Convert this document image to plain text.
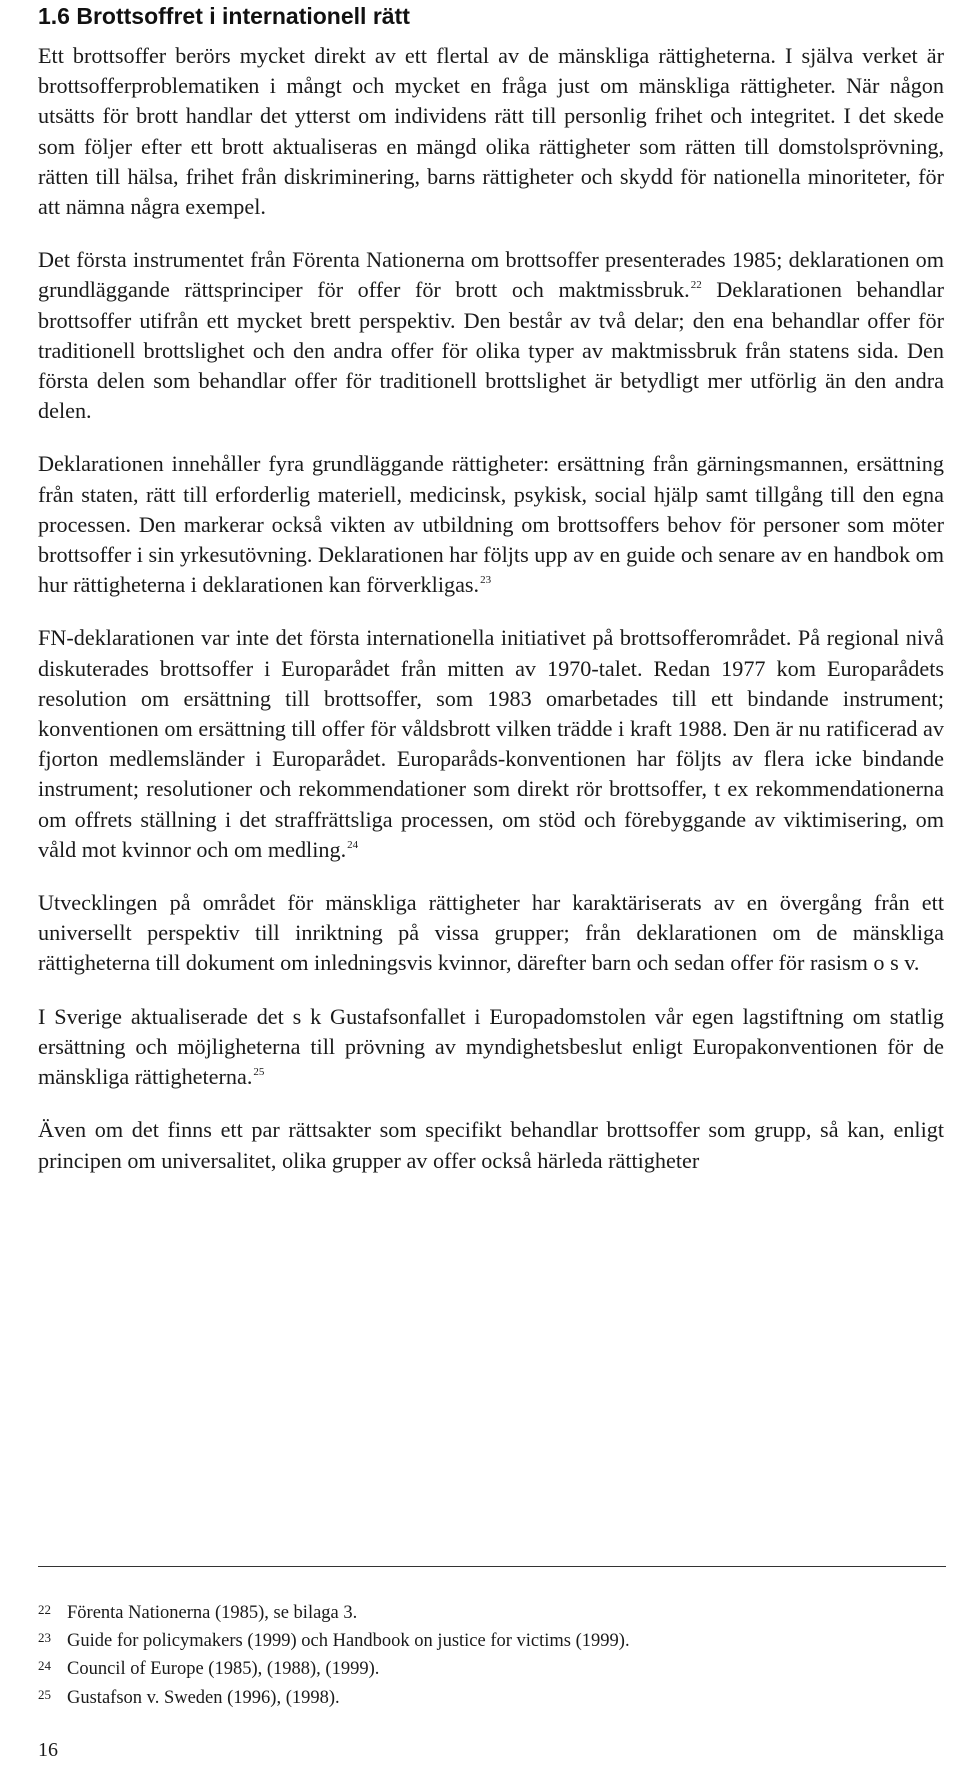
1.6 Brottsoffret i internationell rätt

Ett brottsoffer berörs mycket direkt av ett flertal av de mänskliga rättigheterna. I själva verket är brottsofferproblematiken i mångt och mycket en fråga just om mänskliga rättigheter. När någon utsätts för brott handlar det ytterst om individens rätt till personlig frihet och integritet. I det skede som följer efter ett brott aktualiseras en mängd olika rättigheter som rätten till domstolsprövning, rätten till hälsa, frihet från diskriminering, barns rättigheter och skydd för nationella minoriteter, för att nämna några exempel.

Det första instrumentet från Förenta Nationerna om brottsoffer presenterades 1985; deklarationen om grundläggande rättsprinciper för offer för brott och maktmissbruk.$^{22}$ Deklarationen behandlar brottsoffer utifrån ett mycket brett perspektiv. Den består av två delar; den ena behandlar offer för traditionell brottslighet och den andra offer för olika typer av maktmissbruk från statens sida. Den första delen som behandlar offer för traditionell brottslighet är betydligt mer utförlig än den andra delen.

Deklarationen innehåller fyra grundläggande rättigheter: ersättning från gärningsmannen, ersättning från staten, rätt till erforderlig materiell, medicinsk, psykisk, social hjälp samt tillgång till den egna processen. Den markerar också vikten av utbildning om brottsoffers behov för personer som möter brottsoffer i sin yrkesutövning. Deklarationen har följts upp av en guide och senare av en handbok om hur rättigheterna i deklarationen kan förverkligas.$^{23}$

FN-deklarationen var inte det första internationella initiativet på brottsofferområdet. På regional nivå diskuterades brottsoffer i Europarådet från mitten av 1970-talet. Redan 1977 kom Europarådets resolution om ersättning till brottsoffer, som 1983 omarbetades till ett bindande instrument; konventionen om ersättning till offer för våldsbrott vilken trädde i kraft 1988. Den är nu ratificerad av fjorton medlemsländer i Europarådet. Europaråds-konventionen har följts av flera icke bindande instrument; resolutioner och rekommendationer som direkt rör brottsoffer, t ex rekommendationerna om offrets ställning i det straffrättsliga processen, om stöd och förebyggande av viktimisering, om våld mot kvinnor och om medling.$^{24}$

Utvecklingen på området för mänskliga rättigheter har karaktäriserats av en övergång från ett universellt perspektiv till inriktning på vissa grupper; från deklarationen om de mänskliga rättigheterna till dokument om inledningsvis kvinnor, därefter barn och sedan offer för rasism o s v.

I Sverige aktualiserade det s k Gustafsonfallet i Europadomstolen vår egen lagstiftning om statlig ersättning och möjligheterna till prövning av myndighetsbeslut enligt Europakonventionen för de mänskliga rättigheterna.$^{25}$

Även om det finns ett par rättsakter som specifikt behandlar brottsoffer som grupp, så kan, enligt principen om universalitet, olika grupper av offer också härleda rättigheter

22 Förenta Nationerna (1985), se bilaga 3.
23 Guide for policymakers (1999) och Handbook on justice for victims (1999).
24 Council of Europe (1985), (1988), (1999).
25 Gustafson v. Sweden (1996), (1998).
16
